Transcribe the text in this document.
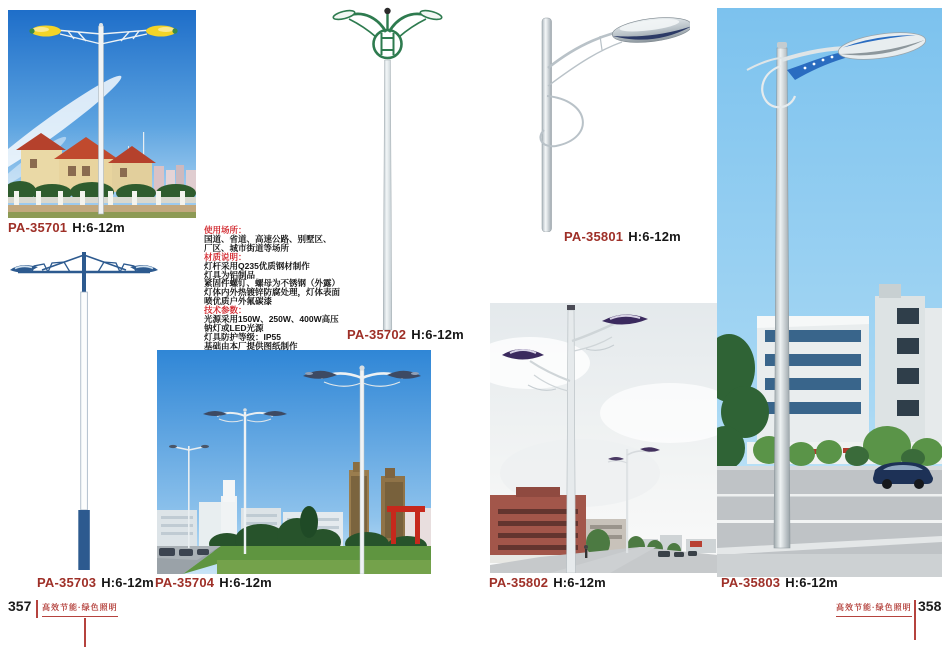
PA-35701 H:6-12m
PA-35702 H:6-12m
PA-35801 H:6-12m
PA-35703 H:6-12m PA-35704 H:6-12m	PA-35802 H:6-12m	PA-35803 H:6-12m
使用场所：
国道、省道、高速公路、别墅区、
厂区、城市街道等场所
材质说明：
灯杆采用Q235优质钢材制作
灯具为铝制品
紧固件螺钉、螺母为不锈钢（外露）
灯体内外热镀锌防腐处理，灯体表面
喷优质户外氟碳漆
技术参数：
光源采用150W、250W、400W高压
钠灯或LED光源
灯具防护等级：IP55
基础由本厂提供图纸制作
357 高效节能·绿色照明	高效节能·绿色照明 358
